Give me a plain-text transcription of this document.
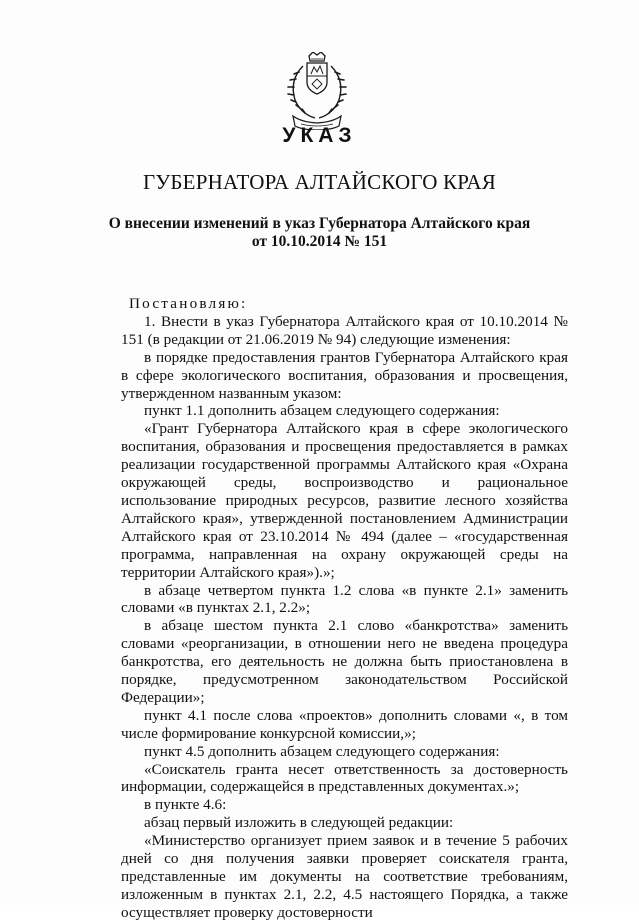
УКАЗ
ГУБЕРНАТОРА АЛТАЙСКОГО КРАЯ
О внесении изменений в указ Губернатора Алтайского края
от 10.10.2014 № 151

Постановляю:

1. Внести в указ Губернатора Алтайского края от 10.10.2014 № 151 (в редакции от 21.06.2019 № 94) следующие изменения:

в порядке предоставления грантов Губернатора Алтайского края в сфере экологического воспитания, образования и просвещения, утвержденном названным указом:

пункт 1.1 дополнить абзацем следующего содержания:

«Грант Губернатора Алтайского края в сфере экологического воспитания, образования и просвещения предоставляется в рамках реализации государственной программы Алтайского края «Охрана окружающей среды, воспроизводство и рациональное использование природных ресурсов, развитие лесного хозяйства Алтайского края», утвержденной постановлением Администрации Алтайского края от 23.10.2014 № 494 (далее – «государственная программа, направленная на охрану окружающей среды на территории Алтайского края»).»;

в абзаце четвертом пункта 1.2 слова «в пункте 2.1» заменить словами «в пунктах 2.1, 2.2»;

в абзаце шестом пункта 2.1 слово «банкротства» заменить словами «реорганизации, в отношении него не введена процедура банкротства, его деятельность не должна быть приостановлена в порядке, предусмотренном законодательством Российской Федерации»;

пункт 4.1 после слова «проектов» дополнить словами «, в том числе формирование конкурсной комиссии,»;

пункт 4.5 дополнить абзацем следующего содержания:

«Соискатель гранта несет ответственность за достоверность информации, содержащейся в представленных документах.»;

в пункте 4.6:

абзац первый изложить в следующей редакции:

«Министерство организует прием заявок и в течение 5 рабочих дней со дня получения заявки проверяет соискателя гранта, представленные им документы на соответствие требованиям, изложенным в пунктах 2.1, 2.2, 4.5 настоящего Порядка, а также осуществляет проверку достоверности
